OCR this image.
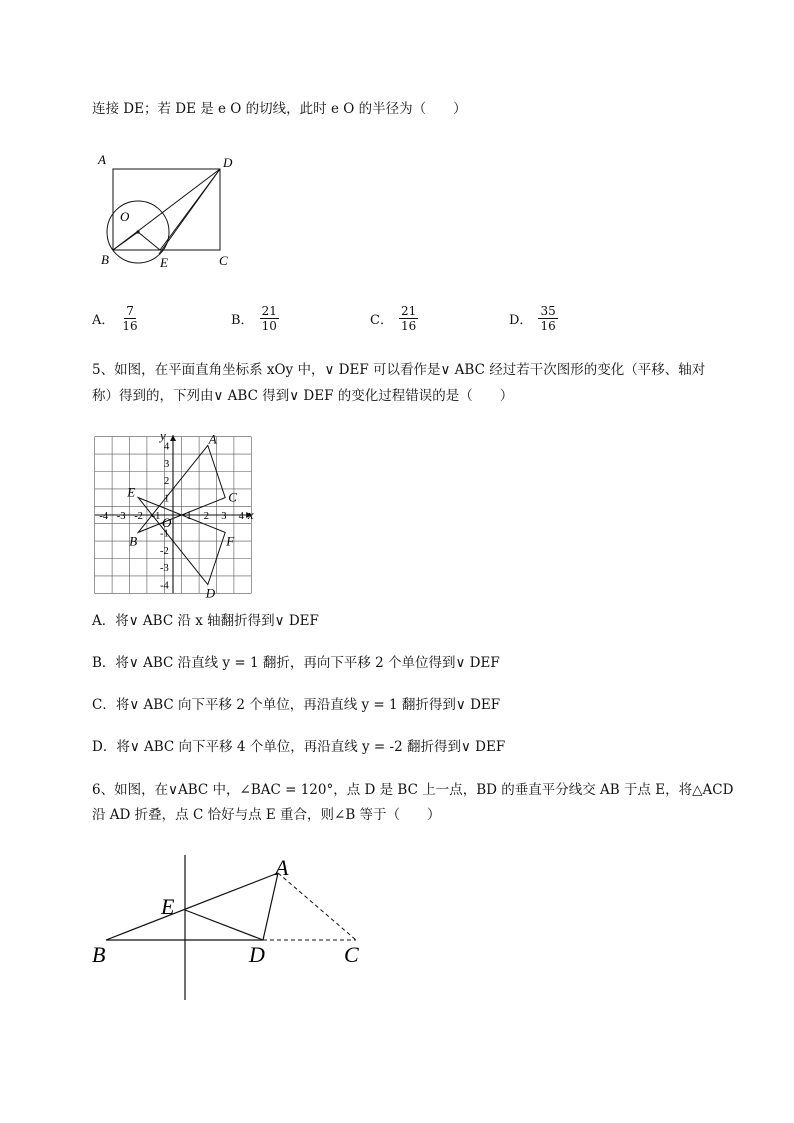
连接 DE；若 DE 是 e O 的切线，此时 e O 的半径为（　　）
A	D
O
B	E	C
A． $\frac{7}{16}$	B． $\frac{21}{10}$	C． $\frac{21}{16}$	D． $\frac{35}{16}$
5、如图，在平面直角坐标系 xOy 中，∨ DEF 可以看作是∨ ABC 经过若干次图形的变化（平移、轴对
称）得到的，下列由∨ ABC 得到∨ DEF 的变化过程错误的是（　　）
-4 -3 -2 -1 1 2 3 4
4
3
2
1
-1
-2
-3
-4
x
y
O
A
B
C
D
E
F
A．将∨ ABC 沿 x 轴翻折得到∨ DEF
B．将∨ ABC 沿直线 y = 1 翻折，再向下平移 2 个单位得到∨ DEF
C．将∨ ABC 向下平移 2 个单位，再沿直线 y = 1 翻折得到∨ DEF
D．将∨ ABC 向下平移 4 个单位，再沿直线 y = -2 翻折得到∨ DEF
6、如图，在∨ABC 中，∠BAC = 120°，点 D 是 BC 上一点，BD 的垂直平分线交 AB 于点 E，将△ACD
沿 AD 折叠，点 C 恰好与点 E 重合，则∠B 等于（　　）
A
E
B	D	C
